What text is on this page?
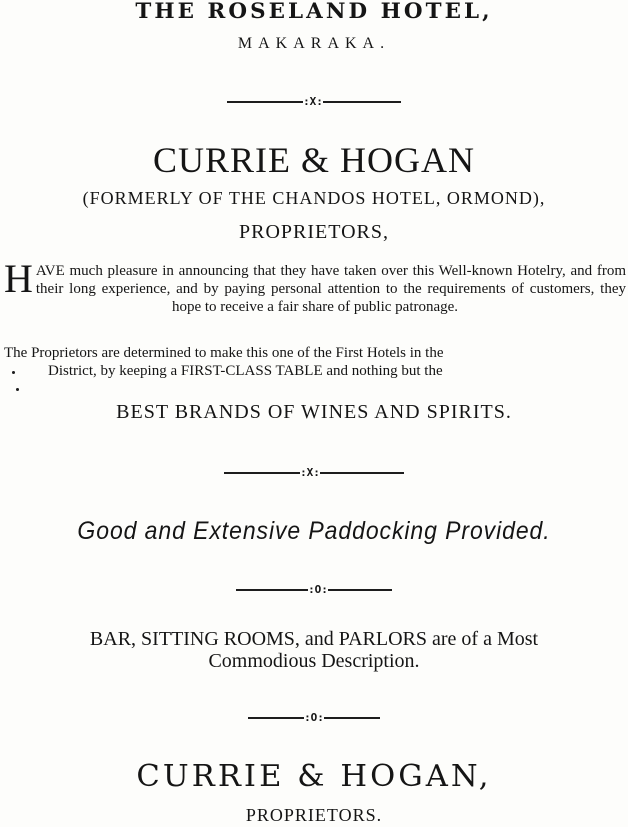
THE ROSELAND HOTEL,
MAKARAKA.
:X:
CURRIE & HOGAN
(FORMERLY OF THE CHANDOS HOTEL, ORMOND),
PROPRIETORS,

HAVE much pleasure in announcing that they have taken over this Well-known Hotelry, and from their long experience, and by paying personal attention to the requirements of customers, they hope to receive a fair share of public patronage.

The Proprietors are determined to make this one of the First Hotels in the
District, by keeping a FIRST-CLASS TABLE and nothing but the

BEST BRANDS OF WINES AND SPIRITS.
:X:
Good and Extensive Paddocking Provided.
:O:
BAR, SITTING ROOMS, and PARLORS are of a Most
Commodious Description.
:O:
CURRIE & HOGAN,
PROPRIETORS.
